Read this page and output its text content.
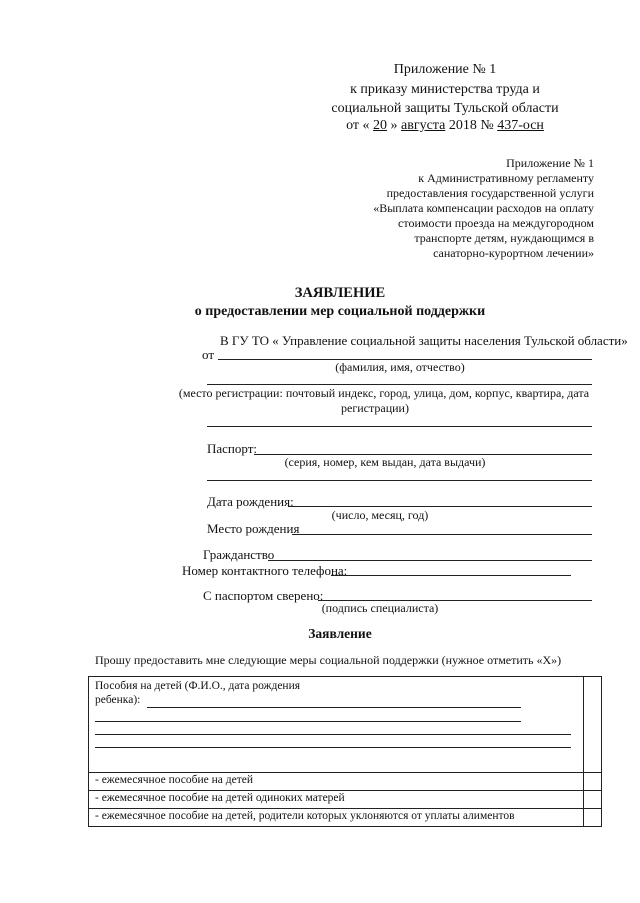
Приложение № 1
к приказу министерства труда и
социальной защиты Тульской области
от « 20 » августа 2018 № 437-осн
Приложение № 1
к Административному регламенту
предоставления государственной услуги
«Выплата компенсации расходов на оплату
стоимости проезда на междугородном
транспорте детям, нуждающимся в
санаторно-курортном лечении»
ЗАЯВЛЕНИЕ
о предоставлении мер социальной поддержки
В ГУ ТО « Управление социальной защиты населения Тульской области»
от
(фамилия, имя, отчество)
(место регистрации: почтовый индекс, город, улица, дом, корпус, квартира, дата
регистрации)
Паспорт:
(серия, номер, кем выдан, дата выдачи)
Дата рождения:
(число, месяц, год)
Место рождения
Гражданство
Номер контактного телефона:
С паспортом сверено:
(подпись специалиста)
Заявление
Прошу предоставить мне следующие меры социальной поддержки (нужное отметить «Х»)
Пособия на детей (Ф.И.О., дата рождения
ребенка):	

- ежемесячное пособие на детей	
- ежемесячное пособие на детей одиноких матерей	
- ежемесячное пособие на детей, родители которых уклоняются от уплаты алиментов	
